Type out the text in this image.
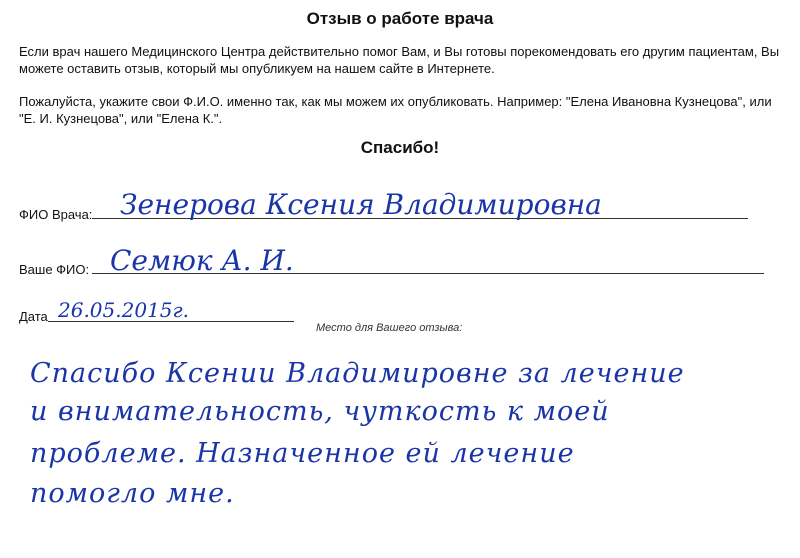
Отзыв о работе врача
Если врач нашего Медицинского Центра действительно помог Вам, и Вы готовы порекомендовать его другим пациентам, Вы можете оставить отзыв, который мы опубликуем на нашем сайте в Интернете.
Пожалуйста, укажите свои Ф.И.О. именно так, как мы можем их опубликовать. Например: "Елена Ивановна Кузнецова", или "Е. И. Кузнецова", или "Елена К.".
Спасибо!
ФИО Врача: Зенерова Ксения Владимировна
Ваше ФИО: Семюк А. И.
Дата 26.05.2015г.
Место для Вашего отзыва:
Спасибо Ксении Владимировне за лечение
и внимательность, чуткость к моей
проблеме. Назначенное ей лечение
помогло мне.
